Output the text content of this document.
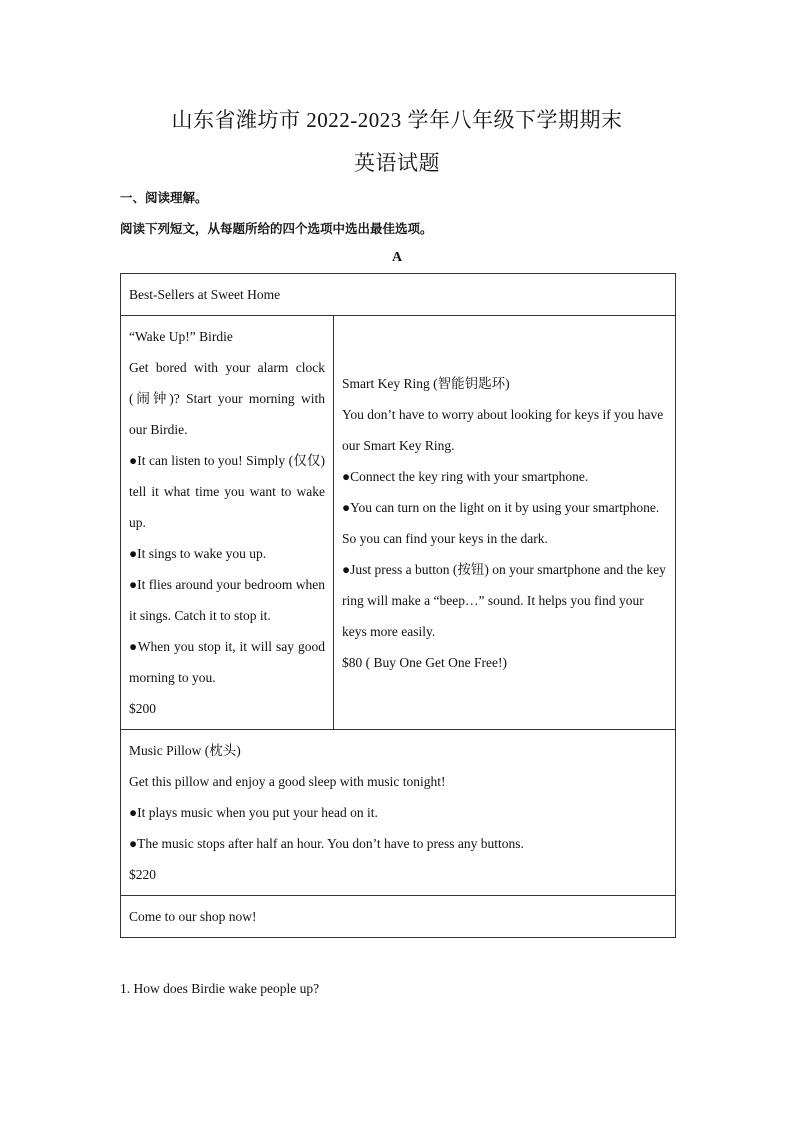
山东省潍坊市 2022-2023 学年八年级下学期期末
英语试题
一、阅读理解。
阅读下列短文，从每题所给的四个选项中选出最佳选项。
A
Best-Sellers at Sweet Home

“Wake Up!” Birdie

Get bored with your alarm clock (闹钟)? Start your morning with our Birdie.

●It can listen to you! Simply (仅仅) tell it what time you want to wake up.

●It sings to wake you up.

●It flies around your bedroom when it sings. Catch it to stop it.

●When you stop it, it will say good morning to you.

$200

Smart Key Ring (智能钥匙环)

You don’t have to worry about looking for keys if you have our Smart Key Ring.

●Connect the key ring with your smartphone.

●You can turn on the light on it by using your smartphone. So you can find your keys in the dark.

●Just press a button (按钮) on your smartphone and the key ring will make a “beep…” sound. It helps you find your keys more easily.

$80 ( Buy One Get One Free!)

Music Pillow (枕头)

Get this pillow and enjoy a good sleep with music tonight!

●It plays music when you put your head on it.

●The music stops after half an hour. You don’t have to press any buttons.

$220

Come to our shop now!
1. How does Birdie wake people up?
